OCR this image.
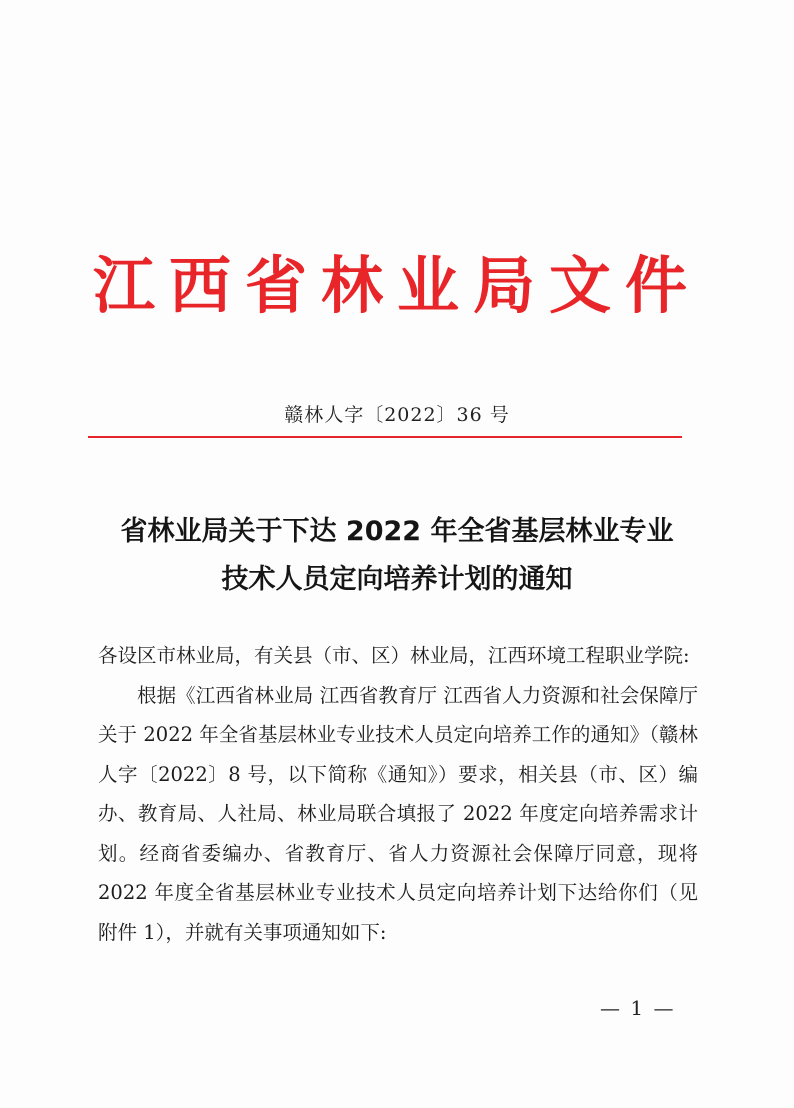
江西省林业局文件
赣林人字〔2022〕36 号
省林业局关于下达 2022 年全省基层林业专业
技术人员定向培养计划的通知

各设区市林业局，有关县（市、区）林业局，江西环境工程职业学院:

根据《江西省林业局 江西省教育厅 江西省人力资源和社会保障厅关于 2022 年全省基层林业专业技术人员定向培养工作的通知》（赣林人字〔2022〕8 号，以下简称《通知》）要求，相关县（市、区）编办、教育局、人社局、林业局联合填报了 2022 年度定向培养需求计划。经商省委编办、省教育厅、省人力资源社会保障厅同意，现将 2022 年度全省基层林业专业技术人员定向培养计划下达给你们（见附件 1），并就有关事项通知如下:

— 1 —
